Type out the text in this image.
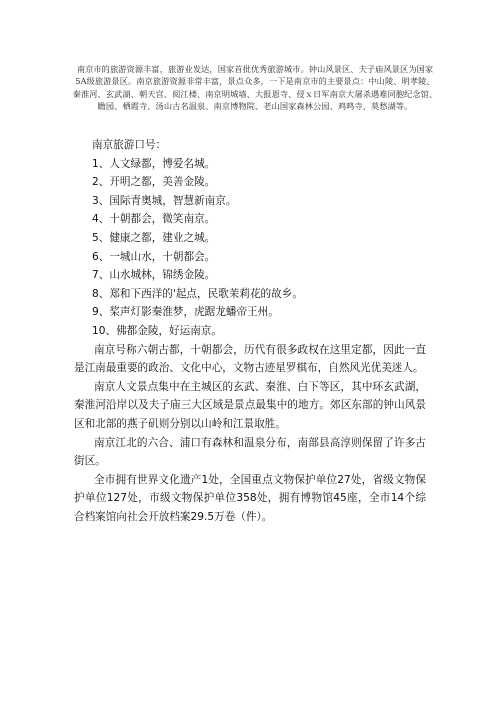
南京市的旅游资源丰富，旅游业发达，国家首批优秀旅游城市。钟山风景区、夫子庙风景区为国家5A级旅游景区。南京旅游资源非常丰富，景点众多，一下是南京市的主要景点：中山陵、明孝陵、秦淮河、玄武湖、朝天宫、阅江楼、南京明城墙、大报恩寺、侵ｘ日军南京大屠杀遇难同胞纪念馆、瞻园、栖霞寺、汤山古名温泉、南京博物院、老山国家森林公园、鸡鸣寺、莫愁湖等。
南京旅游口号：
1、人文绿都，博爱名城。
2、开明之都，美善金陵。
3、国际青奥城，智慧新南京。
4、十朝都会，微笑南京。
5、健康之都，建业之城。
6、一城山水，十朝都会。
7、山水城林，锦绣金陵。
8、郑和下西洋的'起点，民歌茉莉花的故乡。
9、桨声灯影秦淮梦，虎踞龙蟠帝王州。
10、佛都金陵，好运南京。

南京号称六朝古都，十朝都会，历代有很多政权在这里定都，因此一直是江南最重要的政治、文化中心，文物古迹星罗棋布，自然风光优美迷人。

南京人文景点集中在主城区的玄武、秦淮、白下等区，其中环玄武湖，秦淮河沿岸以及夫子庙三大区域是景点最集中的地方。郊区东部的钟山风景区和北部的燕子矶则分别以山岭和江景取胜。

南京江北的六合、浦口有森林和温泉分布，南部县高淳则保留了许多古街区。

全市拥有世界文化遗产1处，全国重点文物保护单位27处，省级文物保护单位127处，市级文物保护单位358处，拥有博物馆45座，全市14个综合档案馆向社会开放档案29.5万卷（件）。
